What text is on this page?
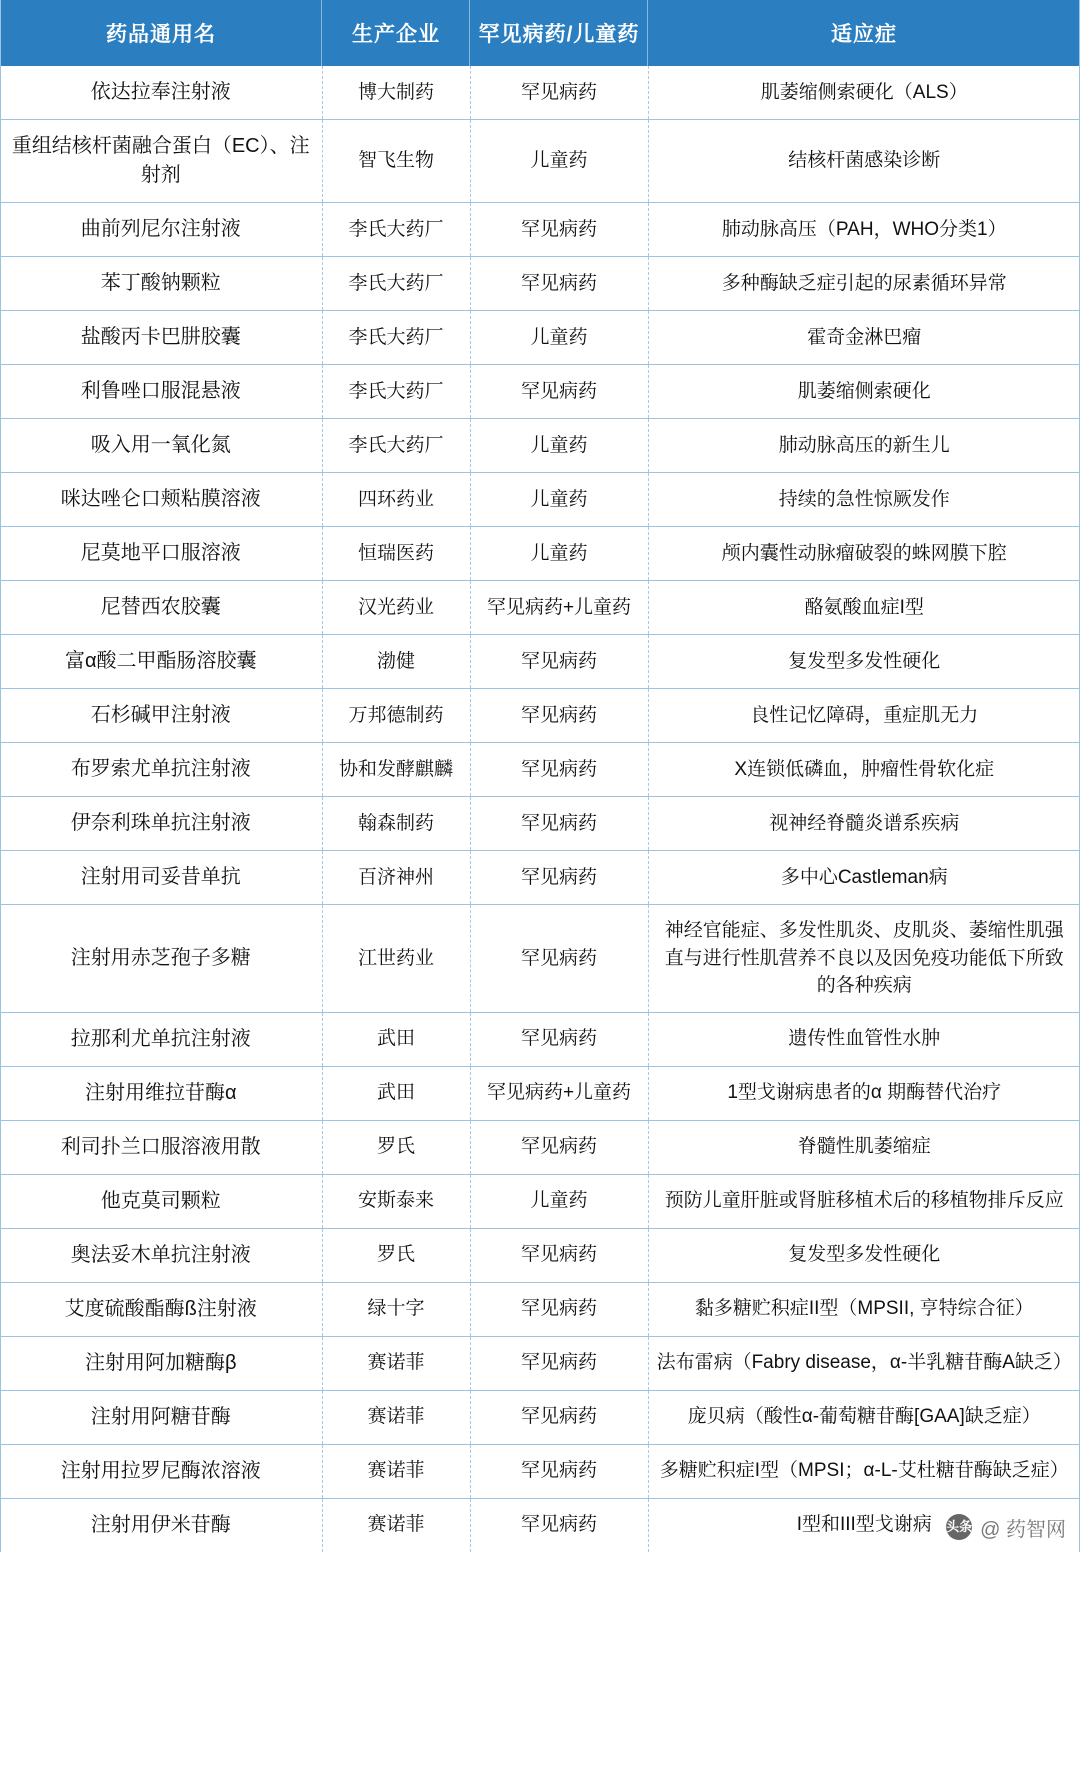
药品通用名	生产企业	罕见病药/儿童药	适应症
依达拉奉注射液	博大制药	罕见病药	肌萎缩侧索硬化（ALS）
重组结核杆菌融合蛋白（EC）、注射剂	智飞生物	儿童药	结核杆菌感染诊断
曲前列尼尔注射液	李氏大药厂	罕见病药	肺动脉高压（PAH，WHO分类1）
苯丁酸钠颗粒	李氏大药厂	罕见病药	多种酶缺乏症引起的尿素循环异常
盐酸丙卡巴肼胶囊	李氏大药厂	儿童药	霍奇金淋巴瘤
利鲁唑口服混悬液	李氏大药厂	罕见病药	肌萎缩侧索硬化
吸入用一氧化氮	李氏大药厂	儿童药	肺动脉高压的新生儿
咪达唑仑口颊粘膜溶液	四环药业	儿童药	持续的急性惊厥发作
尼莫地平口服溶液	恒瑞医药	儿童药	颅内囊性动脉瘤破裂的蛛网膜下腔
尼替西农胶囊	汉光药业	罕见病药+儿童药	酪氨酸血症I型
富α酸二甲酯肠溶胶囊	渤健	罕见病药	复发型多发性硬化
石杉碱甲注射液	万邦德制药	罕见病药	良性记忆障碍，重症肌无力
布罗索尤单抗注射液	协和发酵麒麟	罕见病药	X连锁低磷血，肿瘤性骨软化症
伊奈利珠单抗注射液	翰森制药	罕见病药	视神经脊髓炎谱系疾病
注射用司妥昔单抗	百济神州	罕见病药	多中心Castleman病
注射用赤芝孢子多糖	江世药业	罕见病药	神经官能症、多发性肌炎、皮肌炎、萎缩性肌强直与进行性肌营养不良以及因免疫功能低下所致的各种疾病
拉那利尤单抗注射液	武田	罕见病药	遗传性血管性水肿
注射用维拉苷酶α	武田	罕见病药+儿童药	1型戈谢病患者的α 期酶替代治疗
利司扑兰口服溶液用散	罗氏	罕见病药	脊髓性肌萎缩症
他克莫司颗粒	安斯泰来	儿童药	预防儿童肝脏或肾脏移植术后的移植物排斥反应
奥法妥木单抗注射液	罗氏	罕见病药	复发型多发性硬化
艾度硫酸酯酶ß注射液	绿十字	罕见病药	黏多糖贮积症II型（MPSII, 亨特综合征）
注射用阿加糖酶β	赛诺菲	罕见病药	法布雷病（Fabry disease，α-半乳糖苷酶A缺乏）
注射用阿糖苷酶	赛诺菲	罕见病药	庞贝病（酸性α-葡萄糖苷酶[GAA]缺乏症）
注射用拉罗尼酶浓溶液	赛诺菲	罕见病药	多糖贮积症I型（MPSI；α-L-艾杜糖苷酶缺乏症）
注射用伊米苷酶	赛诺菲	罕见病药	I型和III型戈谢病 头条 @ 药智网
